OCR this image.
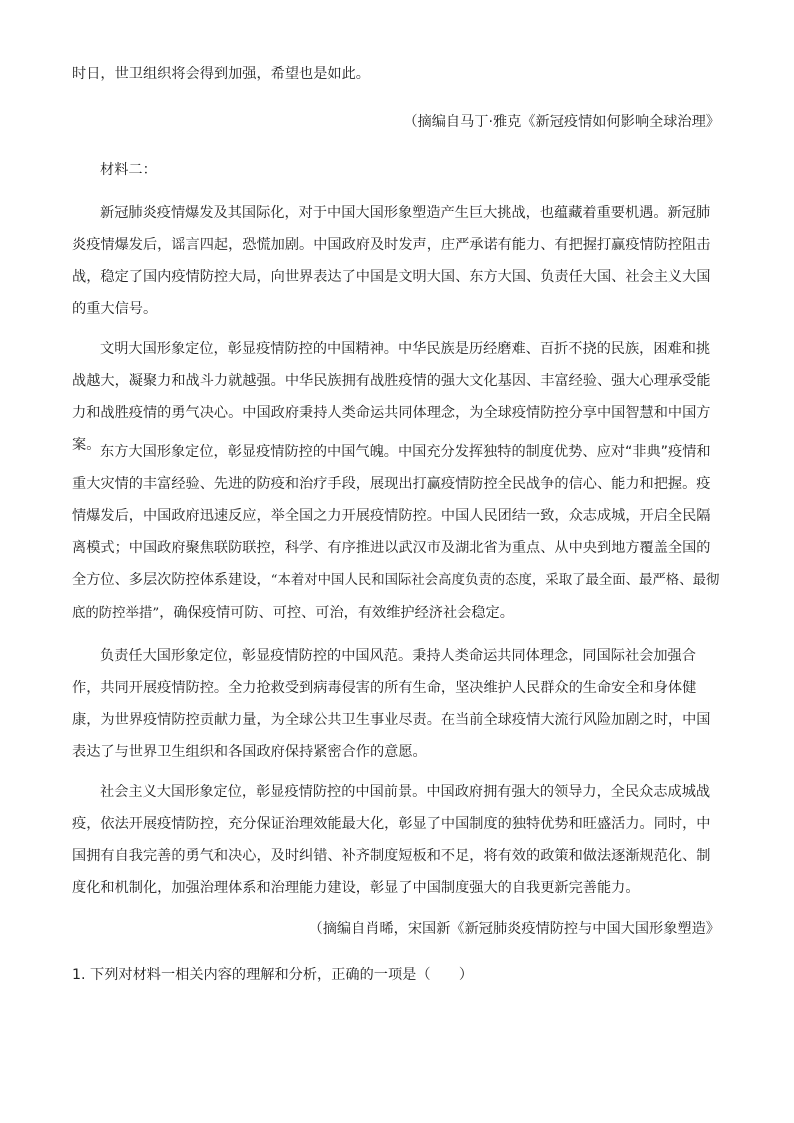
时日，世卫组织将会得到加强，希望也是如此。

（摘编自马丁·雅克《新冠疫情如何影响全球治理》

材料二：

新冠肺炎疫情爆发及其国际化，对于中国大国形象塑造产生巨大挑战，也蕴藏着重要机遇。新冠肺炎疫情爆发后，谣言四起，恐慌加剧。中国政府及时发声，庄严承诺有能力、有把握打赢疫情防控阻击战，稳定了国内疫情防控大局，向世界表达了中国是文明大国、东方大国、负责任大国、社会主义大国的重大信号。

文明大国形象定位，彰显疫情防控的中国精神。中华民族是历经磨难、百折不挠的民族，困难和挑战越大，凝聚力和战斗力就越强。中华民族拥有战胜疫情的强大文化基因、丰富经验、强大心理承受能力和战胜疫情的勇气决心。中国政府秉持人类命运共同体理念，为全球疫情防控分享中国智慧和中国方案。 东方大国形象定位，彰显疫情防控的中国气魄。中国充分发挥独特的制度优势、应对“非典”疫情和重大灾情的丰富经验、先进的防疫和治疗手段，展现出打赢疫情防控全民战争的信心、能力和把握。疫情爆发后，中国政府迅速反应，举全国之力开展疫情防控。中国人民团结一致，众志成城，开启全民隔离模式；中国政府聚焦联防联控，科学、有序推进以武汉市及湖北省为重点、从中央到地方覆盖全国的全方位、多层次防控体系建设，“本着对中国人民和国际社会高度负责的态度，采取了最全面、最严格、最彻底的防控举措”，确保疫情可防、可控、可治，有效维护经济社会稳定。

负责任大国形象定位，彰显疫情防控的中国风范。秉持人类命运共同体理念，同国际社会加强合作，共同开展疫情防控。全力抢救受到病毒侵害的所有生命，坚决维护人民群众的生命安全和身体健康，为世界疫情防控贡献力量，为全球公共卫生事业尽责。在当前全球疫情大流行风险加剧之时，中国表达了与世界卫生组织和各国政府保持紧密合作的意愿。

社会主义大国形象定位，彰显疫情防控的中国前景。中国政府拥有强大的领导力，全民众志成城战疫，依法开展疫情防控，充分保证治理效能最大化，彰显了中国制度的独特优势和旺盛活力。同时，中国拥有自我完善的勇气和决心，及时纠错、补齐制度短板和不足，将有效的政策和做法逐渐规范化、制度化和机制化，加强治理体系和治理能力建设，彰显了中国制度强大的自我更新完善能力。

（摘编自肖晞，宋国新《新冠肺炎疫情防控与中国大国形象塑造》

1. 下列对材料一相关内容的理解和分析，正确的一项是（　　）
